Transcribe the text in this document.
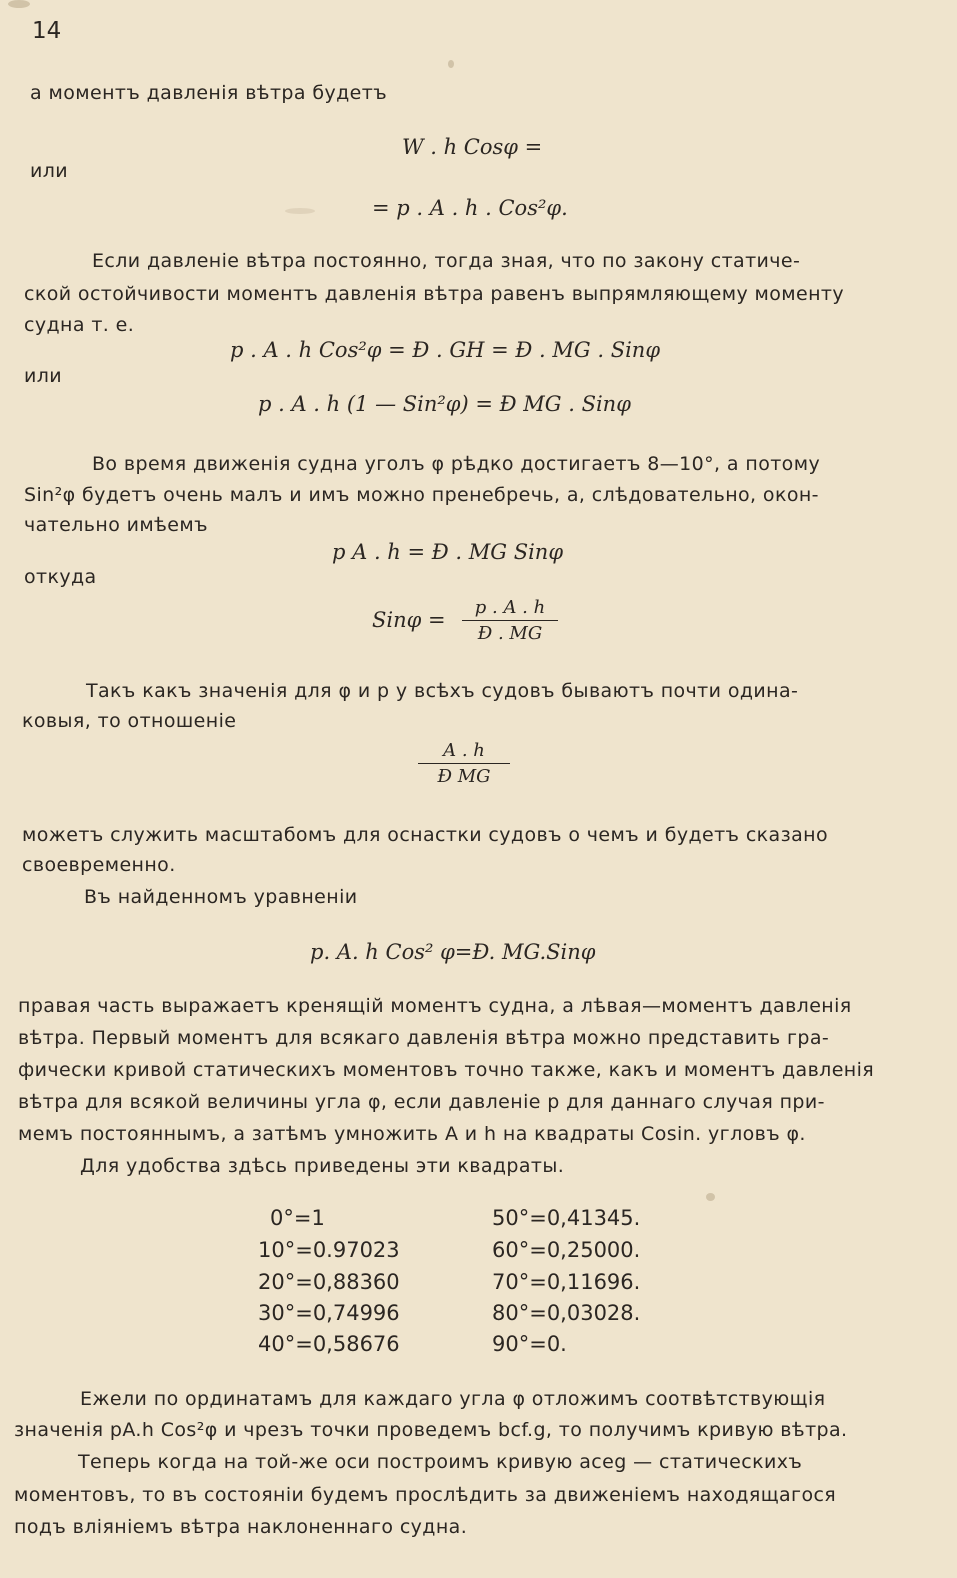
14
а моментъ давленія вѣтра будетъ
W . h Cosφ =
или
= p . A . h . Cos²φ.
Если давленіе вѣтра постоянно, тогда зная, что по закону статиче-
ской остойчивости моментъ давленія вѣтра равенъ выпрямляющему моменту
судна т. е.
p . A . h Cos²φ = Ð . GH = Ð . MG . Sinφ
или
p . A . h (1 — Sin²φ) = Ð MG . Sinφ
Во время движенія судна уголъ φ рѣдко достигаетъ 8—10°, а потому
Sin²φ будетъ очень малъ и имъ можно пренебречь, а, слѣдовательно, окон-
чательно имѣемъ
p A . h = Ð . MG Sinφ
откуда
$Sin\varphi = \frac{p . A . h}{Ð . MG}$
Такъ какъ значенія для φ и p у всѣхъ судовъ бываютъ почти одина-
ковыя, то отношеніе
$\frac{A . h}{\text{Ð MG}}$
можетъ служить масштабомъ для оснастки судовъ о чемъ и будетъ сказано
своевременно.
Въ найденномъ уравненіи
p. A. h Cos² φ=Ð. MG.Sinφ
правая часть выражаетъ кренящій моментъ судна, а лѣвая—моментъ давленія
вѣтра. Первый моментъ для всякаго давленія вѣтра можно представить гра-
фически кривой статическихъ моментовъ точно также, какъ и моментъ давленія
вѣтра для всякой величины угла φ, если давленіе p для даннаго случая при-
мемъ постояннымъ, а затѣмъ умножить A и h на квадраты Cosin. угловъ φ.
Для удобства здѣсь приведены эти квадраты.
0°=1
10°=0.97023
20°=0,88360
30°=0,74996
40°=0,58676
50°=0,41345.
60°=0,25000.
70°=0,11696.
80°=0,03028.
90°=0.
Ежели по ординатамъ для каждаго угла φ отложимъ соотвѣтствующія
значенія pA.h Cos²φ и чрезъ точки проведемъ bcf.g, то получимъ кривую вѣтра.
Теперь когда на той-же оси построимъ кривую aceg — статическихъ
моментовъ, то въ состояніи будемъ прослѣдить за движеніемъ находящагося
подъ вліяніемъ вѣтра наклоненнаго судна.
